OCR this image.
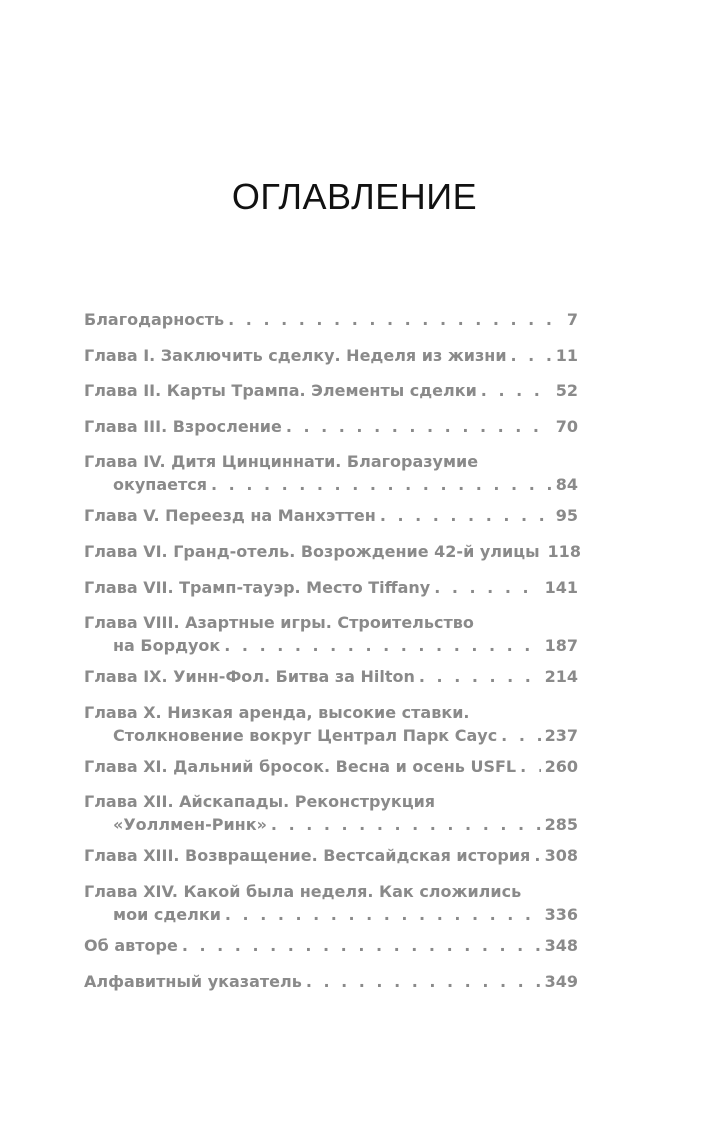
ОГЛАВЛЕНИЕ
Благодарность . . .	7
Глава I. Заключить сделку. Неделя из жизни . . .	11
Глава II. Карты Трампа. Элементы сделки . . .	52
Глава III. Взросление . . .	70
Глава IV. Дитя Цинциннати. Благоразумие
окупается . . .	84
Глава V. Переезд на Манхэттен . . .	95
Глава VI. Гранд-отель. Возрождение 42-й улицы 118
Глава VII. Трамп-тауэр. Место Tiffany . . .	141
Глава VIII. Азартные игры. Строительство
на Бордуок . . .	187
Глава IX. Уинн-Фол. Битва за Hilton . . .	214
Глава X. Низкая аренда, высокие ставки.
Столкновение вокруг Централ Парк Саус . . .	237
Глава XI. Дальний бросок. Весна и осень USFL . . . 260
Глава XII. Айскапады. Реконструкция
«Уоллмен-Ринк» . . .	285
Глава XIII. Возвращение. Вестсайдская история . . . 308
Глава XIV. Какой была неделя. Как сложились
мои сделки . . .	336
Об авторе . . .	348
Алфавитный указатель . . .	349
